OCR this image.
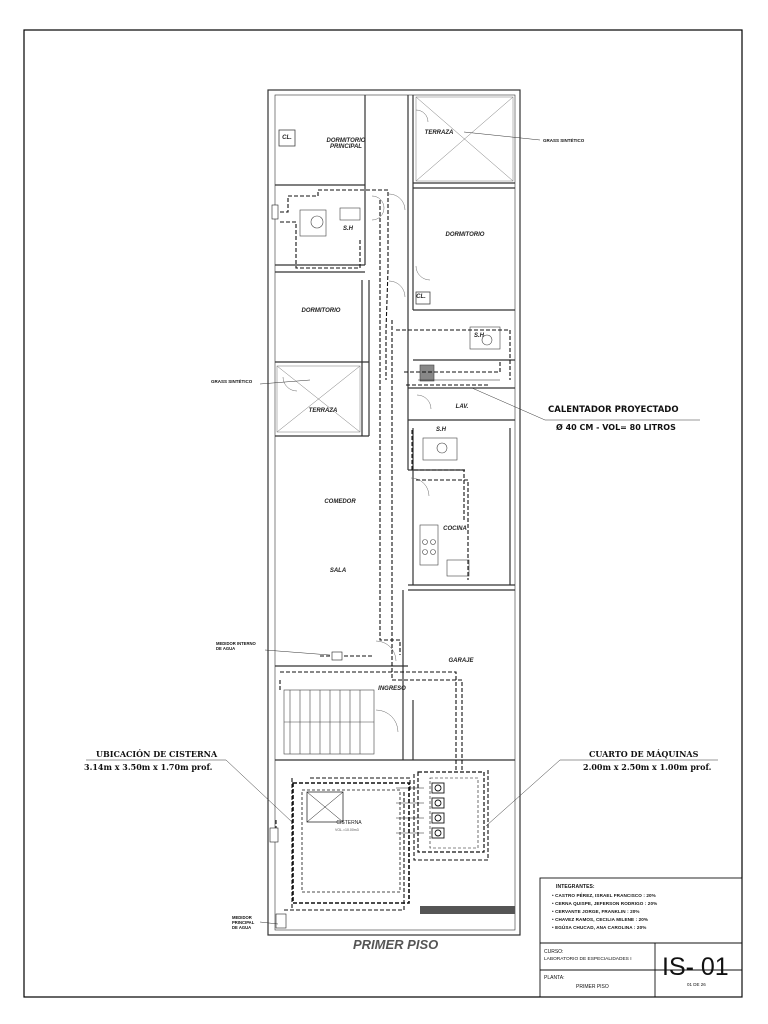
CL.	DORMITORIO
PRINCIPAL
TERRAZA
S.H
DORMITORIO
CL.
DORMITORIO
S.H
TERRAZA
LAV.
S.H
COMEDOR
COCINA
SALA
GARAJE
INGRESO
CISTERNA
VOL.=10.00m3
GRASS SINTÉTICO
GRASS SINTÉTICO
MEDIDOR INTERNO
DE AGUA
MEDIDOR
PRINCIPAL
DE AGUA
CALENTADOR PROYECTADO
Ø 40 CM - VOL= 80 LITROS
UBICACIÓN DE CISTERNA
3.14m x 3.50m x 1.70m prof.
CUARTO DE MÁQUINAS
2.00m x 2.50m x 1.00m prof.
PRIMER PISO
INTEGRANTES:
• CASTRO PÉREZ, ISRAEL FRANCISCO : 20%
• CERNA QUISPE, JEFERSON RODRIGO : 20%
• CERVANTE JORGE, FRANKLIN : 20%
• CHAVEZ RAMOS, CECILIA MILENE : 20%
• EGÚSA CHUCAD, ANA CAROLINA : 20%
CURSO:
LABORATORIO DE ESPECIALIDADES I
PLANTA:
PRIMER PISO
IS- 01
01 DE 26
